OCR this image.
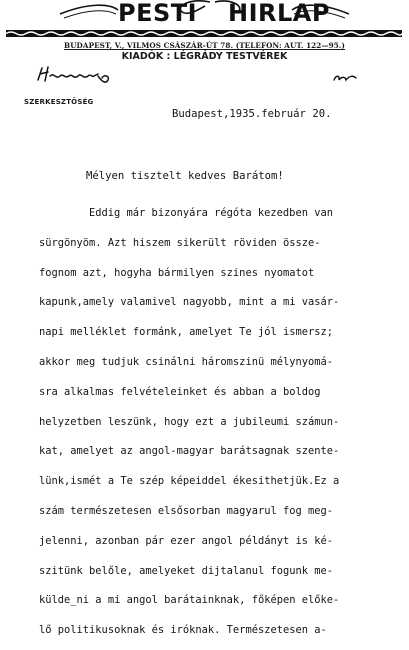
PESTI HIRLAP
BUDAPEST, V., VILMOS CSÁSZÁR-ÚT 78. (TELEFON: AUT. 122—95.)
KIADÓK : LÉGRÁDY TESTVÉREK
SZERKESZTŐSÉG
Budapest,1935.február 20.
Mélyen tisztelt kedves Barátom!
Eddig már bizonyára régóta kezedben van
sürgönyöm. Azt hiszem sikerült röviden össze-
fognom azt, hogyha bármilyen szines nyomatot
kapunk,amely valamivel nagyobb, mint a mi vasár-
napi melléklet formánk, amelyet Te jól ismersz;
akkor meg tudjuk csinálni háromszinü mélynyomá-
sra alkalmas felvételeinket és abban a boldog
helyzetben leszünk, hogy ezt a jubileumi számun-
kat, amelyet az angol-magyar barátsagnak szente-
lünk,ismét a Te szép képeiddel ékesithetjük.Ez a
szám természetesen elsősorban magyarul fog meg-
jelenni, azonban pár ezer angol példányt is ké-
szitünk belőle, amelyeket dijtalanul fogunk me-
külde̲ni a mi angol barátainknak, főképen előke-
lő politikusoknak és iróknak. Természetesen a-
